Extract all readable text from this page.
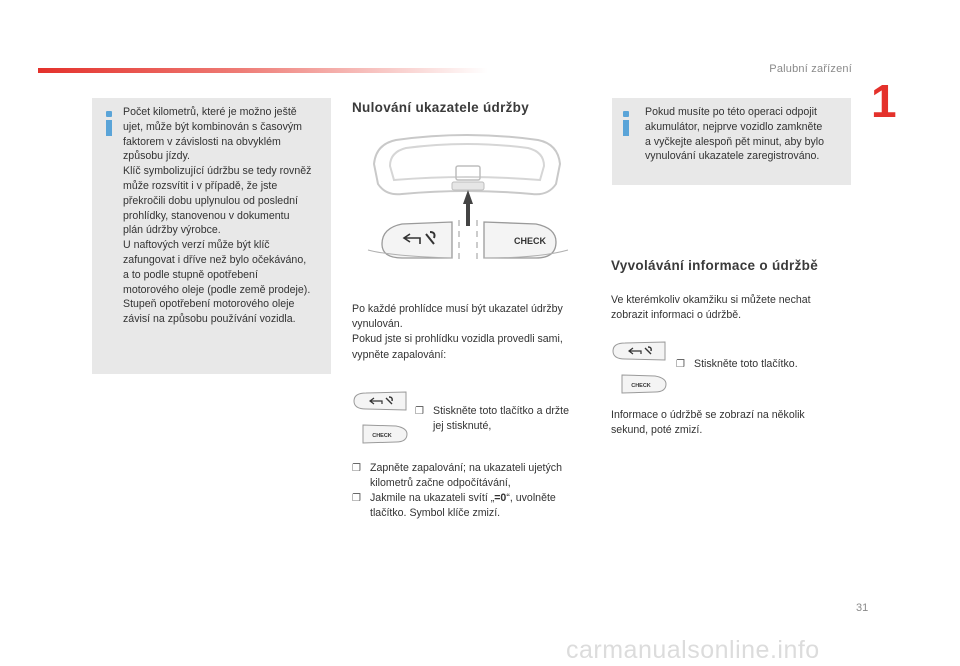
Palubní zařízení
1
Počet kilometrů, které je možno ještě
ujet, může být kombinován s časovým
faktorem v závislosti na obvyklém
způsobu jízdy.
Klíč symbolizující údržbu se tedy rovněž
může rozsvítit i v případě, že jste
překročili dobu uplynulou od poslední
prohlídky, stanovenou v dokumentu
plán údržby výrobce.
U naftových verzí může být klíč
zafungovat i dříve než bylo očekáváno,
a to podle stupně opotřebení
motorového oleje (podle země prodeje).
Stupeň opotřebení motorového oleje
závisí na způsobu používání vozidla.
Nulování ukazatele údržby
CHECK
Po každé prohlídce musí být ukazatel údržby
vynulován.
Pokud jste si prohlídku vozidla provedli sami,
vypněte zapalování:
CHECK
❐ Stiskněte toto tlačítko a držte
jej stisknuté,
❐ Zapněte zapalování; na ukazateli ujetých
kilometrů začne odpočítávání,
❐ Jakmile na ukazateli svítí „=0“, uvolněte
tlačítko. Symbol klíče zmizí.
Pokud musíte po této operaci odpojit
akumulátor, nejprve vozidlo zamkněte
a vyčkejte alespoň pět minut, aby bylo
vynulování ukazatele zaregistrováno.
Vyvolávání informace o údržbě
Ve kterémkoliv okamžiku si můžete nechat
zobrazit informaci o údržbě.
CHECK
❐ Stiskněte toto tlačítko.
Informace o údržbě se zobrazí na několik
sekund, poté zmizí.
31
carmanualsonline.info
